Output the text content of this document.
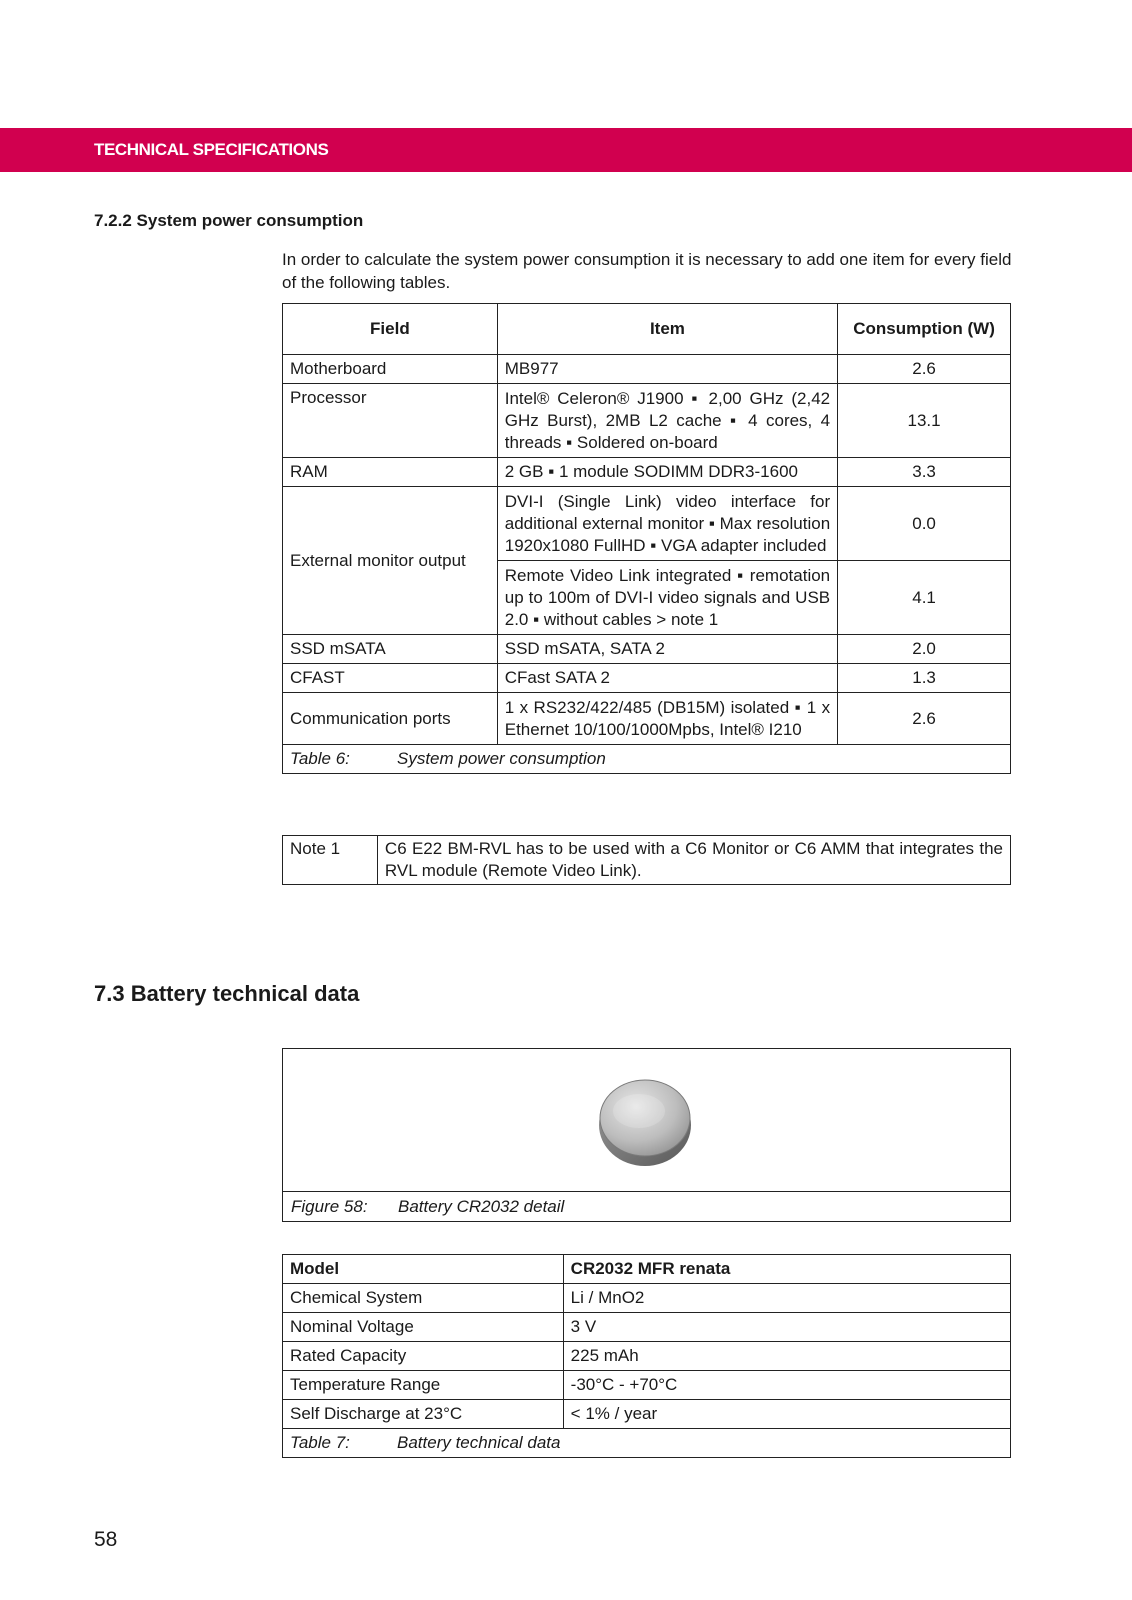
TECHNICAL SPECIFICATIONS
7.2.2 System power consumption
In order to calculate the system power consumption it is necessary to add one item for every field of the following tables.
Field	Item	Consumption (W)
Motherboard	MB977	2.6
Processor	Intel® Celeron® J1900 ▪ 2,00 GHz (2,42 GHz Burst), 2MB L2 cache ▪ 4 cores, 4 threads ▪ Soldered on-board	13.1
RAM	2 GB ▪ 1 module SODIMM DDR3-1600	3.3
External monitor output	DVI-I (Single Link) video interface for additional external monitor ▪ Max resolution 1920x1080 FullHD ▪ VGA adapter included	0.0
	Remote Video Link integrated ▪ remotation up to 100m of DVI-I video signals and USB 2.0 ▪ without cables > note 1	4.1
SSD mSATA	SSD mSATA, SATA 2	2.0
CFAST	CFast SATA 2	1.3
Communication ports	1 x RS232/422/485 (DB15M) isolated ▪ 1 x Ethernet 10/100/1000Mpbs, Intel® I210	2.6
Table 6: System power consumption		
Note 1	C6 E22 BM-RVL has to be used with a C6 Monitor or C6 AMM that integrates the RVL module (Remote Video Link).
7.3 Battery technical data
Figure 58: Battery CR2032 detail
Model	CR2032 MFR renata
Chemical System	Li / MnO2
Nominal Voltage	3 V
Rated Capacity	225 mAh
Temperature Range	-30°C - +70°C
Self Discharge at 23°C	< 1% / year
Table 7: Battery technical data	
58
